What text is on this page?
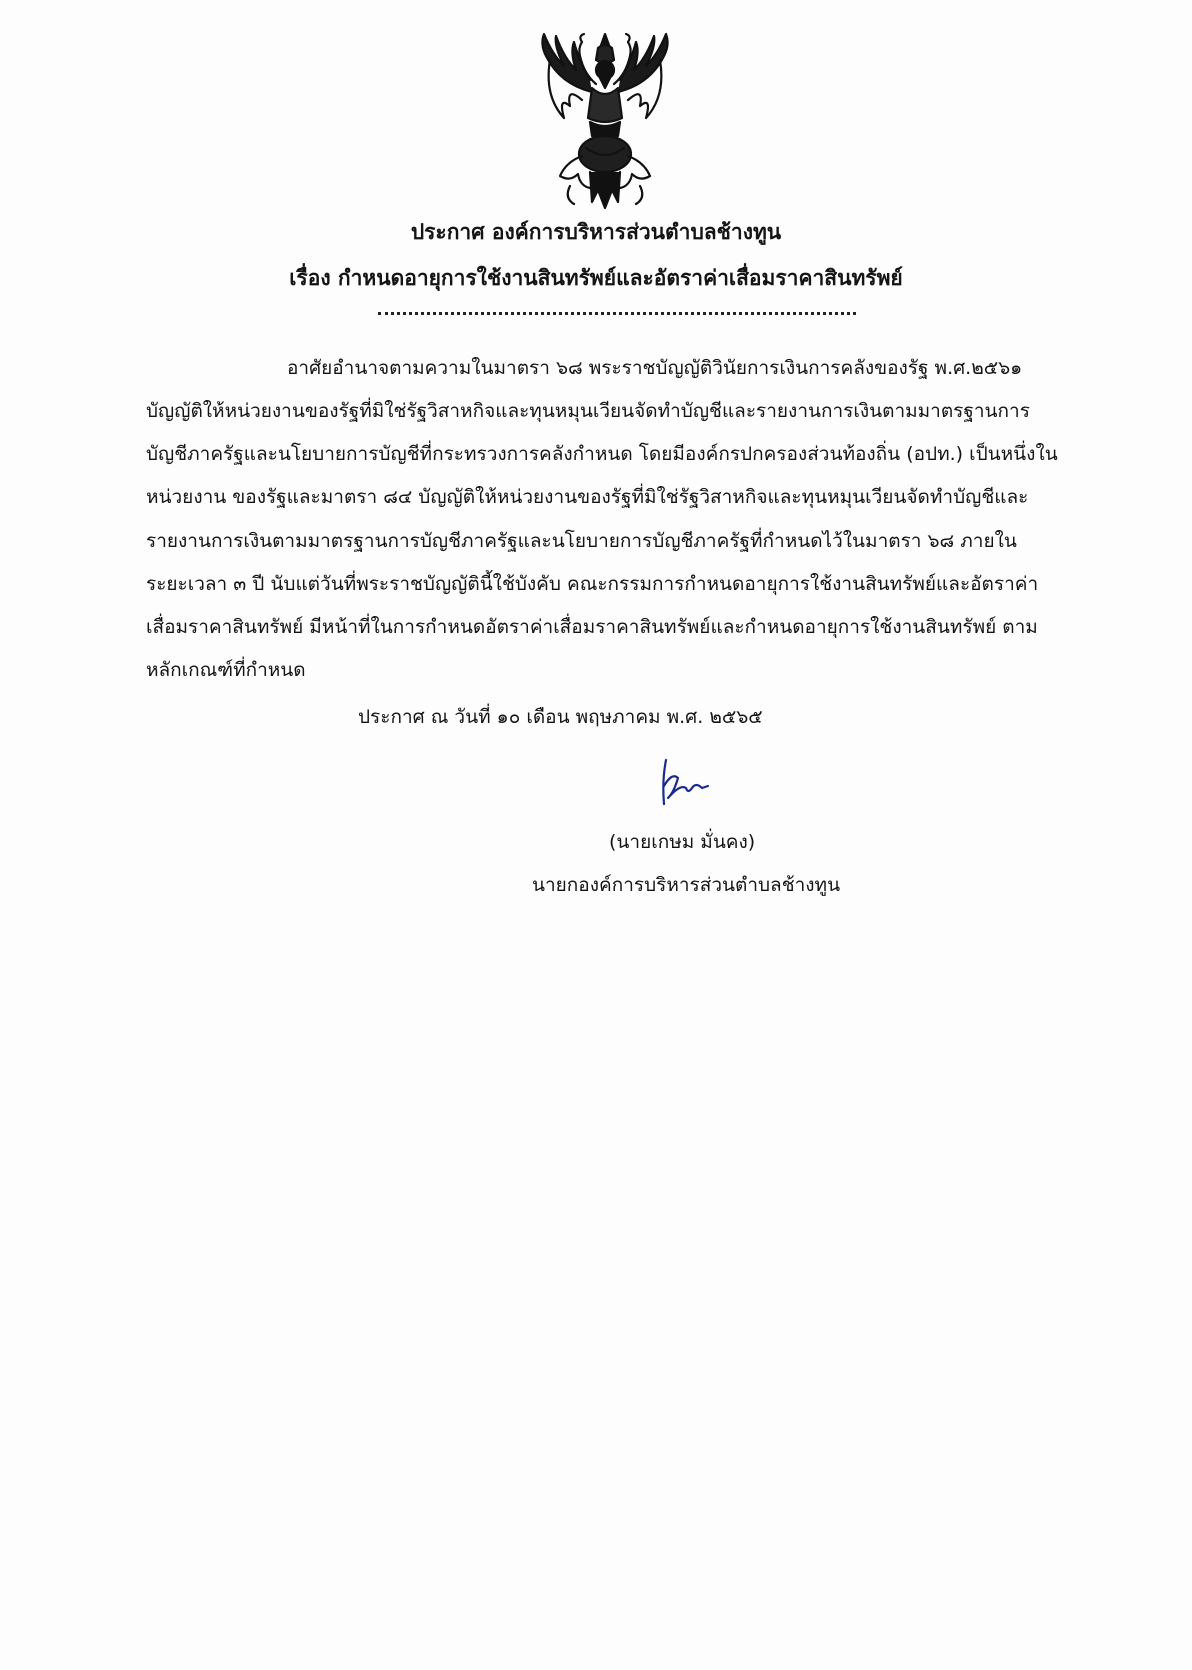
ประกาศ องค์การบริหารส่วนตำบลช้างทูน
เรื่อง กำหนดอายุการใช้งานสินทรัพย์และอัตราค่าเสื่อมราคาสินทรัพย์
อาศัยอำนาจตามความในมาตรา ๖๘ พระราชบัญญัติวินัยการเงินการคลังของรัฐ พ.ศ.๒๕๖๑
บัญญัติให้หน่วยงานของรัฐที่มิใช่รัฐวิสาหกิจและทุนหมุนเวียนจัดทำบัญชีและรายงานการเงินตามมาตรฐานการ
บัญชีภาครัฐและนโยบายการบัญชีที่กระทรวงการคลังกำหนด โดยมีองค์กรปกครองส่วนท้องถิ่น (อปท.) เป็นหนึ่งใน
หน่วยงาน ของรัฐและมาตรา ๘๔ บัญญัติให้หน่วยงานของรัฐที่มิใช่รัฐวิสาหกิจและทุนหมุนเวียนจัดทำบัญชีและ
รายงานการเงินตามมาตรฐานการบัญชีภาครัฐและนโยบายการบัญชีภาครัฐที่กำหนดไว้ในมาตรา ๖๘ ภายใน
ระยะเวลา ๓ ปี นับแต่วันที่พระราชบัญญัตินี้ใช้บังคับ คณะกรรมการกำหนดอายุการใช้งานสินทรัพย์และอัตราค่า
เสื่อมราคาสินทรัพย์ มีหน้าที่ในการกำหนดอัตราค่าเสื่อมราคาสินทรัพย์และกำหนดอายุการใช้งานสินทรัพย์ ตาม
หลักเกณฑ์ที่กำหนด
ประกาศ ณ วันที่ ๑๐ เดือน พฤษภาคม พ.ศ. ๒๕๖๕
(นายเกษม มั่นคง)
นายกองค์การบริหารส่วนตำบลช้างทูน
